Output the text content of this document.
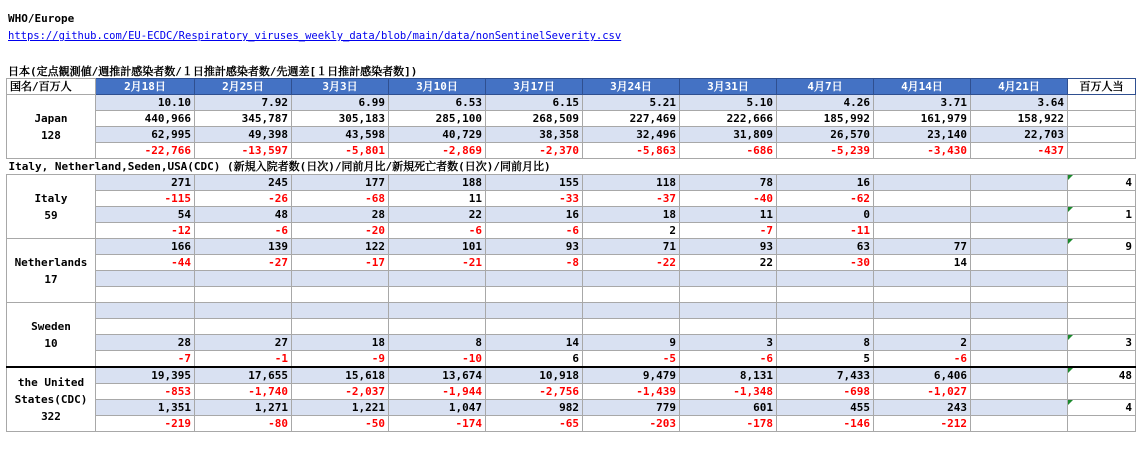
WHO/Europe
https://github.com/EU-ECDC/Respiratory_viruses_weekly_data/blob/main/data/nonSentinelSeverity.csv
日本(定点観測値/週推計感染者数/１日推計感染者数/先週差[１日推計感染者数])
国名/百万人	2月18日	2月25日	3月3日	3月10日	3月17日	3月24日	3月31日	4月7日	4月14日	4月21日	百万人当

Japan
128	10.10	7.92	6.99	6.53	6.15	5.21	5.10	4.26	3.71	3.64	
	440,966	345,787	305,183	285,100	268,509	227,469	222,666	185,992	161,979	158,922	
	62,995	49,398	43,598	40,729	38,358	32,496	31,809	26,570	23,140	22,703	
	-22,766	-13,597	-5,801	-2,869	-2,370	-5,863	-686	-5,239	-3,430	-437	
Italy, Netherland,Seden,USA(CDC) (新規入院者数(日次)/同前月比/新規死亡者数(日次)/同前月比)											

Italy
59	271	245	177	188	155	118	78	16			4
	-115	-26	-68	11	-33	-37	-40	-62			
	54	48	28	22	16	18	11	0			1
	-12	-6	-20	-6	-6	2	-7	-11			

Netherlands
17	166	139	122	101	93	71	93	63	77		9
	-44	-27	-17	-21	-8	-22	22	-30	14		

Sweden
10											

	28	27	18	8	14	9	3	8	2		3
	-7	-1	-9	-10	6	-5	-6	5	-6		

the United States(CDC)
322	19,395	17,655	15,618	13,674	10,918	9,479	8,131	7,433	6,406		48
	-853	-1,740	-2,037	-1,944	-2,756	-1,439	-1,348	-698	-1,027		
	1,351	1,271	1,221	1,047	982	779	601	455	243		4
	-219	-80	-50	-174	-65	-203	-178	-146	-212		
